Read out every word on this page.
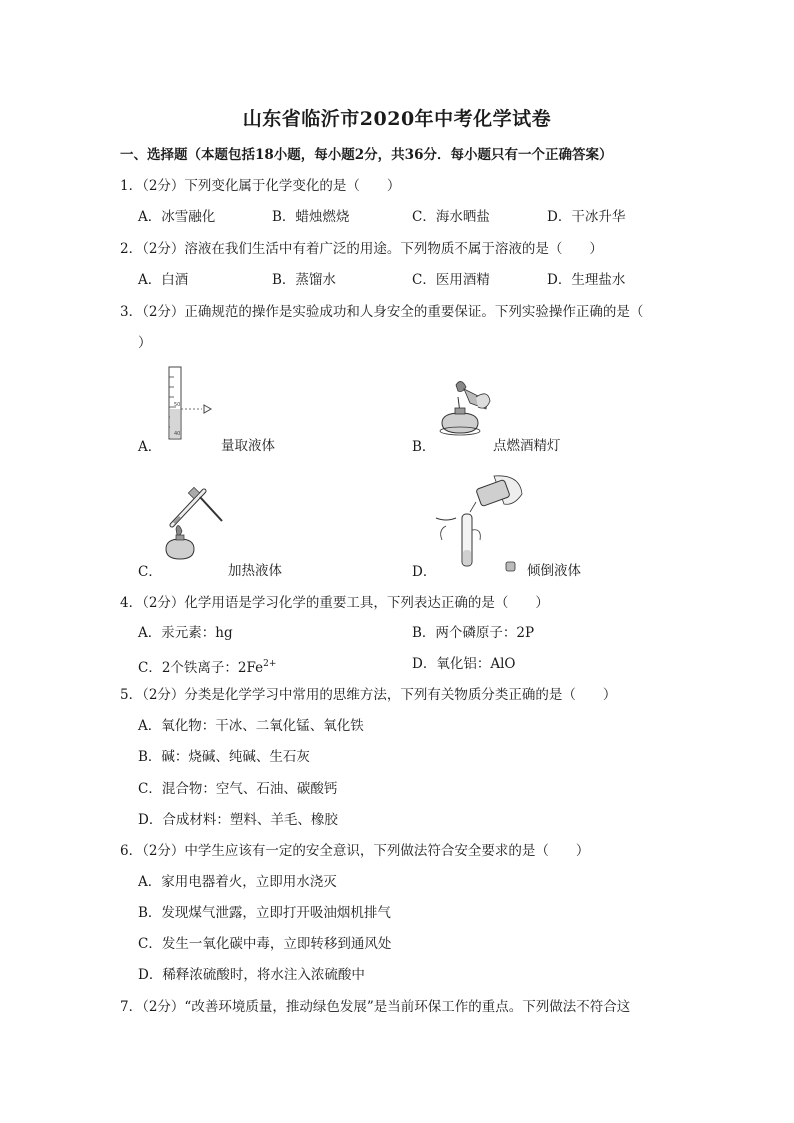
山东省临沂市2020年中考化学试卷
一、选择题（本题包括18小题，每小题2分，共36分．每小题只有一个正确答案）
1．（2分）下列变化属于化学变化的是（　　）
A．冰雪融化	B．蜡烛燃烧	C．海水晒盐	D．干冰升华
2．（2分）溶液在我们生活中有着广泛的用途。下列物质不属于溶液的是（　　）
A．白酒	B．蒸馏水	C．医用酒精	D．生理盐水
3．（2分）正确规范的操作是实验成功和人身安全的重要保证。下列实验操作正确的是（
）
50
40
A．	量取液体	B．	点燃酒精灯
C．	加热液体	D．	倾倒液体
4．（2分）化学用语是学习化学的重要工具，下列表达正确的是（　　）
A．汞元素：hg	B．两个磷原子：2P
C．2个铁离子：$2Fe^{2+}$	D．氧化铝：AlO
5．（2分）分类是化学学习中常用的思维方法，下列有关物质分类正确的是（　　）
A．氧化物：干冰、二氧化锰、氧化铁
B．碱：烧碱、纯碱、生石灰
C．混合物：空气、石油、碳酸钙
D．合成材料：塑料、羊毛、橡胶
6．（2分）中学生应该有一定的安全意识，下列做法符合安全要求的是（　　）
A．家用电器着火，立即用水浇灭
B．发现煤气泄露，立即打开吸油烟机排气
C．发生一氧化碳中毒，立即转移到通风处
D．稀释浓硫酸时，将水注入浓硫酸中
7．（2分）“改善环境质量，推动绿色发展”是当前环保工作的重点。下列做法不符合这
